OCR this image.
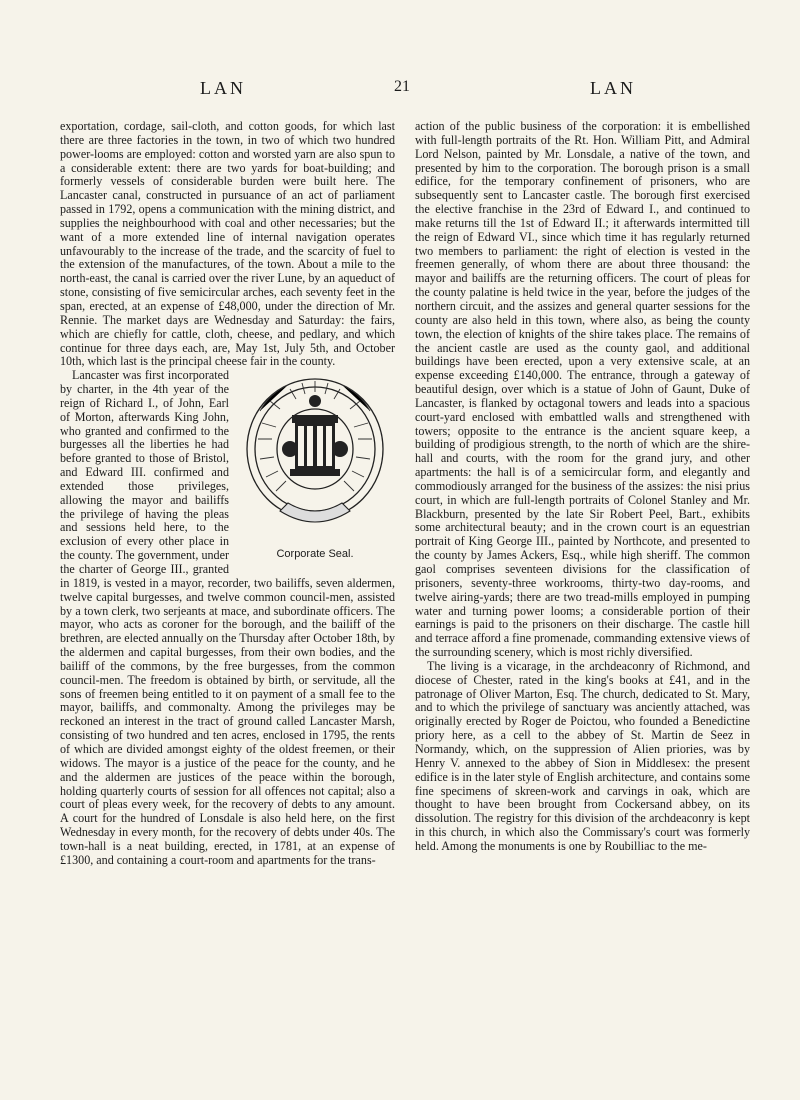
LAN	21	LAN

exportation, cordage, sail-cloth, and cotton goods, for which last there are three factories in the town, in two of which two hundred power-looms are employed: cotton and worsted yarn are also spun to a considerable extent: there are two yards for boat-building; and formerly vessels of considerable burden were built here. The Lancaster canal, constructed in pursuance of an act of parliament passed in 1792, opens a communication with the mining district, and supplies the neighbourhood with coal and other necessaries; but the want of a more extended line of internal navigation operates unfavourably to the increase of the trade, and the scarcity of fuel to the extension of the manufactures, of the town. About a mile to the north-east, the canal is carried over the river Lune, by an aqueduct of stone, consisting of five semicircular arches, each seventy feet in the span, erected, at an expense of £48,000, under the direction of Mr. Rennie. The market days are Wednesday and Saturday: the fairs, which are chiefly for cattle, cloth, cheese, and pedlary, and which continue for three days each, are, May 1st, July 5th, and October 10th, which last is the principal cheese fair in the county.

Corporate Seal.

Lancaster was first incorporated by charter, in the 4th year of the reign of Richard I., of John, Earl of Morton, afterwards King John, who granted and confirmed to the burgesses all the liberties he had before granted to those of Bristol, and Edward III. confirmed and extended those privileges, allowing the mayor and bailiffs the privilege of having the pleas and sessions held here, to the exclusion of every other place in the county. The government, under the charter of George III., granted in 1819, is vested in a mayor, recorder, two bailiffs, seven aldermen, twelve capital burgesses, and twelve common council-men, assisted by a town clerk, two serjeants at mace, and subordinate officers. The mayor, who acts as coroner for the borough, and the bailiff of the brethren, are elected annually on the Thursday after October 18th, by the aldermen and capital burgesses, from their own bodies, and the bailiff of the commons, by the free burgesses, from the common council-men. The freedom is obtained by birth, or servitude, all the sons of freemen being entitled to it on payment of a small fee to the mayor, bailiffs, and commonalty. Among the privileges may be reckoned an interest in the tract of ground called Lancaster Marsh, consisting of two hundred and ten acres, enclosed in 1795, the rents of which are divided amongst eighty of the oldest freemen, or their widows. The mayor is a justice of the peace for the county, and he and the aldermen are justices of the peace within the borough, holding quarterly courts of session for all offences not capital; also a court of pleas every week, for the recovery of debts to any amount. A court for the hundred of Lonsdale is also held here, on the first Wednesday in every month, for the recovery of debts under 40s. The town-hall is a neat building, erected, in 1781, at an expense of £1300, and containing a court-room and apartments for the trans-

action of the public business of the corporation: it is embellished with full-length portraits of the Rt. Hon. William Pitt, and Admiral Lord Nelson, painted by Mr. Lonsdale, a native of the town, and presented by him to the corporation. The borough prison is a small edifice, for the temporary confinement of prisoners, who are subsequently sent to Lancaster castle. The borough first exercised the elective franchise in the 23rd of Edward I., and continued to make returns till the 1st of Edward II.; it afterwards intermitted till the reign of Edward VI., since which time it has regularly returned two members to parliament: the right of election is vested in the freemen generally, of whom there are about three thousand: the mayor and bailiffs are the returning officers. The court of pleas for the county palatine is held twice in the year, before the judges of the northern circuit, and the assizes and general quarter sessions for the county are also held in this town, where also, as being the county town, the election of knights of the shire takes place. The remains of the ancient castle are used as the county gaol, and additional buildings have been erected, upon a very extensive scale, at an expense exceeding £140,000. The entrance, through a gateway of beautiful design, over which is a statue of John of Gaunt, Duke of Lancaster, is flanked by octagonal towers and leads into a spacious court-yard enclosed with embattled walls and strengthened with towers; opposite to the entrance is the ancient square keep, a building of prodigious strength, to the north of which are the shire-hall and courts, with the room for the grand jury, and other apartments: the hall is of a semicircular form, and elegantly and commodiously arranged for the business of the assizes: the nisi prius court, in which are full-length portraits of Colonel Stanley and Mr. Blackburn, presented by the late Sir Robert Peel, Bart., exhibits some architectural beauty; and in the crown court is an equestrian portrait of King George III., painted by Northcote, and presented to the county by James Ackers, Esq., while high sheriff. The common gaol comprises seventeen divisions for the classification of prisoners, seventy-three workrooms, thirty-two day-rooms, and twelve airing-yards; there are two tread-mills employed in pumping water and turning power looms; a considerable portion of their earnings is paid to the prisoners on their discharge. The castle hill and terrace afford a fine promenade, commanding extensive views of the surrounding scenery, which is most richly diversified.

The living is a vicarage, in the archdeaconry of Richmond, and diocese of Chester, rated in the king's books at £41, and in the patronage of Oliver Marton, Esq. The church, dedicated to St. Mary, and to which the privilege of sanctuary was anciently attached, was originally erected by Roger de Poictou, who founded a Benedictine priory here, as a cell to the abbey of St. Martin de Seez in Normandy, which, on the suppression of Alien priories, was by Henry V. annexed to the abbey of Sion in Middlesex: the present edifice is in the later style of English architecture, and contains some fine specimens of skreen-work and carvings in oak, which are thought to have been brought from Cockersand abbey, on its dissolution. The registry for this division of the archdeaconry is kept in this church, in which also the Commissary's court was formerly held. Among the monuments is one by Roubilliac to the me-
